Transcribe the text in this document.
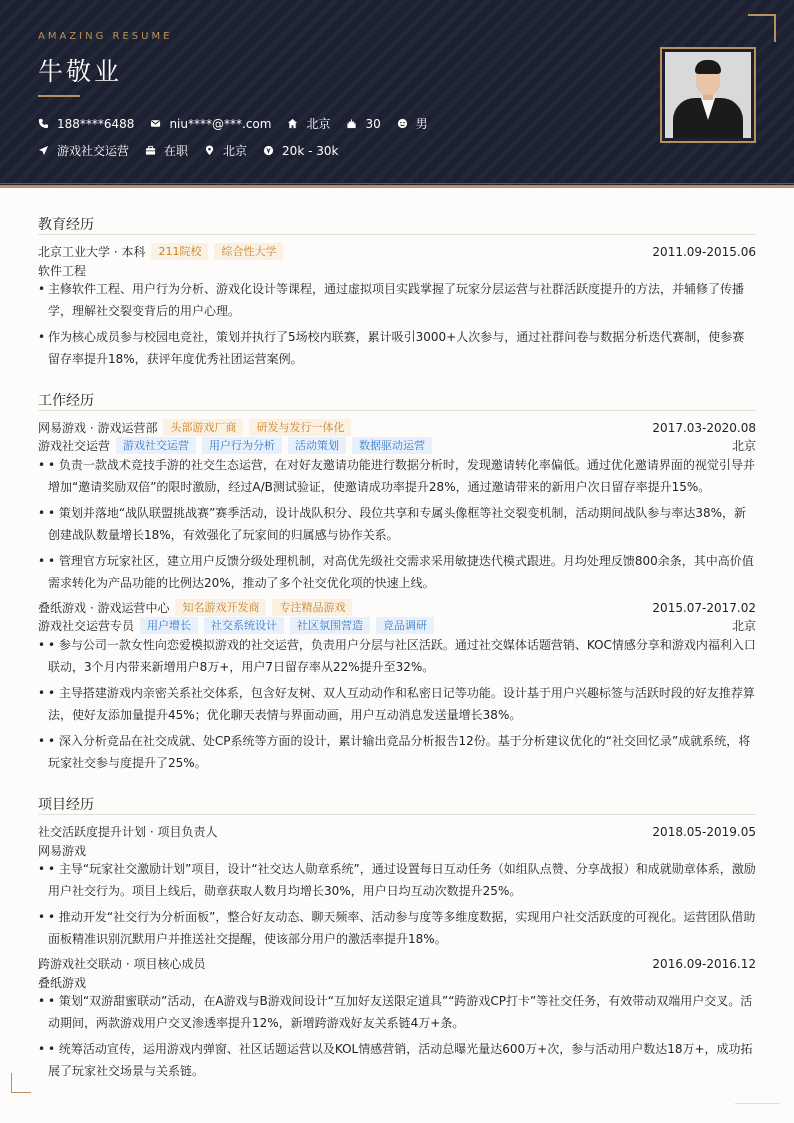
AMAZING RESUME
牛敬业
188****6488	niu****@***.com	北京	30	男
游戏社交运营	在职	北京	20k - 30k
教育经历
北京工业大学 · 本科	211院校	综合性大学	2011.09-2015.06
软件工程
• 主修软件工程、用户行为分析、游戏化设计等课程，通过虚拟项目实践掌握了玩家分层运营与社群活跃度提升的方法，并辅修了传播学，理解社交裂变背后的用户心理。
• 作为核心成员参与校园电竞社，策划并执行了5场校内联赛，累计吸引3000+人次参与，通过社群问卷与数据分析迭代赛制，使参赛留存率提升18%，获评年度优秀社团运营案例。
工作经历
网易游戏 · 游戏运营部	头部游戏厂商	研发与发行一体化	2017.03-2020.08
游戏社交运营	游戏社交运营	用户行为分析	活动策划	数据驱动运营	北京
• • 负责一款战术竞技手游的社交生态运营，在对好友邀请功能进行数据分析时，发现邀请转化率偏低。通过优化邀请界面的视觉引导并增加“邀请奖励双倍”的限时激励，经过A/B测试验证，使邀请成功率提升28%，通过邀请带来的新用户次日留存率提升15%。
• • 策划并落地“战队联盟挑战赛”赛季活动，设计战队积分、段位共享和专属头像框等社交裂变机制，活动期间战队参与率达38%，新创建战队数量增长18%，有效强化了玩家间的归属感与协作关系。
• • 管理官方玩家社区，建立用户反馈分级处理机制，对高优先级社交需求采用敏捷迭代模式跟进。月均处理反馈800余条，其中高价值需求转化为产品功能的比例达20%，推动了多个社交优化项的快速上线。
叠纸游戏 · 游戏运营中心	知名游戏开发商	专注精品游戏	2015.07-2017.02
游戏社交运营专员	用户增长	社交系统设计	社区氛围营造	竞品调研	北京
• • 参与公司一款女性向恋爱模拟游戏的社交运营，负责用户分层与社区活跃。通过社交媒体话题营销、KOC情感分享和游戏内福利入口联动，3个月内带来新增用户8万+，用户7日留存率从22%提升至32%。
• • 主导搭建游戏内亲密关系社交体系，包含好友树、双人互动动作和私密日记等功能。设计基于用户兴趣标签与活跃时段的好友推荐算法，使好友添加量提升45%；优化聊天表情与界面动画，用户互动消息发送量增长38%。
• • 深入分析竞品在社交成就、处CP系统等方面的设计，累计输出竞品分析报告12份。基于分析建议优化的“社交回忆录”成就系统，将玩家社交参与度提升了25%。
项目经历
社交活跃度提升计划 · 项目负责人	2018.05-2019.05
网易游戏
• • 主导“玩家社交激励计划”项目，设计“社交达人勋章系统”，通过设置每日互动任务（如组队点赞、分享战报）和成就勋章体系，激励用户社交行为。项目上线后，勋章获取人数月均增长30%，用户日均互动次数提升25%。
• • 推动开发“社交行为分析面板”，整合好友动态、聊天频率、活动参与度等多维度数据，实现用户社交活跃度的可视化。运营团队借助面板精准识别沉默用户并推送社交提醒，使该部分用户的激活率提升18%。
跨游戏社交联动 · 项目核心成员	2016.09-2016.12
叠纸游戏
• • 策划“双游甜蜜联动”活动，在A游戏与B游戏间设计“互加好友送限定道具”“跨游戏CP打卡”等社交任务，有效带动双端用户交叉。活动期间，两款游戏用户交叉渗透率提升12%，新增跨游戏好友关系链4万+条。
• • 统筹活动宣传，运用游戏内弹窗、社区话题运营以及KOL情感营销，活动总曝光量达600万+次，参与活动用户数达18万+，成功拓展了玩家社交场景与关系链。
